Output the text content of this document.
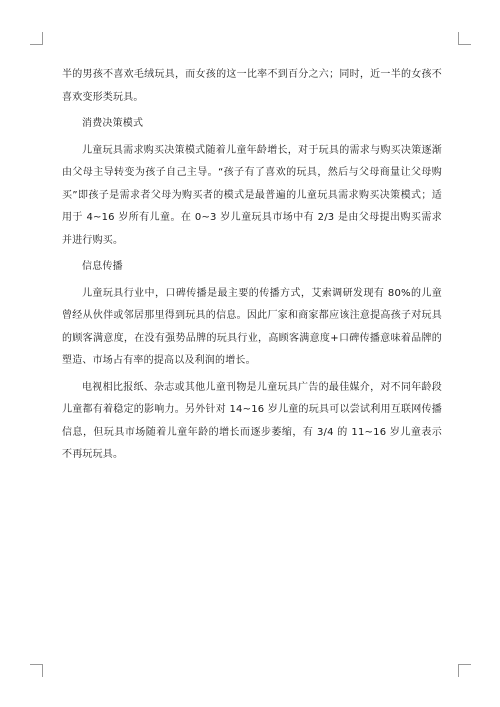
半的男孩不喜欢毛绒玩具，而女孩的这一比率不到百分之六；同时，近一半的女孩不喜欢变形类玩具。

消费决策模式

儿童玩具需求购买决策模式随着儿童年龄增长，对于玩具的需求与购买决策逐渐由父母主导转变为孩子自己主导。“孩子有了喜欢的玩具，然后与父母商量让父母购买”即孩子是需求者父母为购买者的模式是最普遍的儿童玩具需求购买决策模式；适用于 4~16 岁所有儿童。在 0~3 岁儿童玩具市场中有 2/3 是由父母提出购买需求并进行购买。

信息传播

儿童玩具行业中，口碑传播是最主要的传播方式，艾索调研发现有 80%的儿童曾经从伙伴或邻居那里得到玩具的信息。因此厂家和商家都应该注意提高孩子对玩具的顾客满意度，在没有强势品牌的玩具行业，高顾客满意度+口碑传播意味着品牌的塑造、市场占有率的提高以及利润的增长。

电视相比报纸、杂志或其他儿童刊物是儿童玩具广告的最佳媒介，对不同年龄段儿童都有着稳定的影响力。另外针对 14~16 岁儿童的玩具可以尝试利用互联网传播信息，但玩具市场随着儿童年龄的增长而逐步萎缩，有 3/4 的 11~16 岁儿童表示不再玩玩具。
